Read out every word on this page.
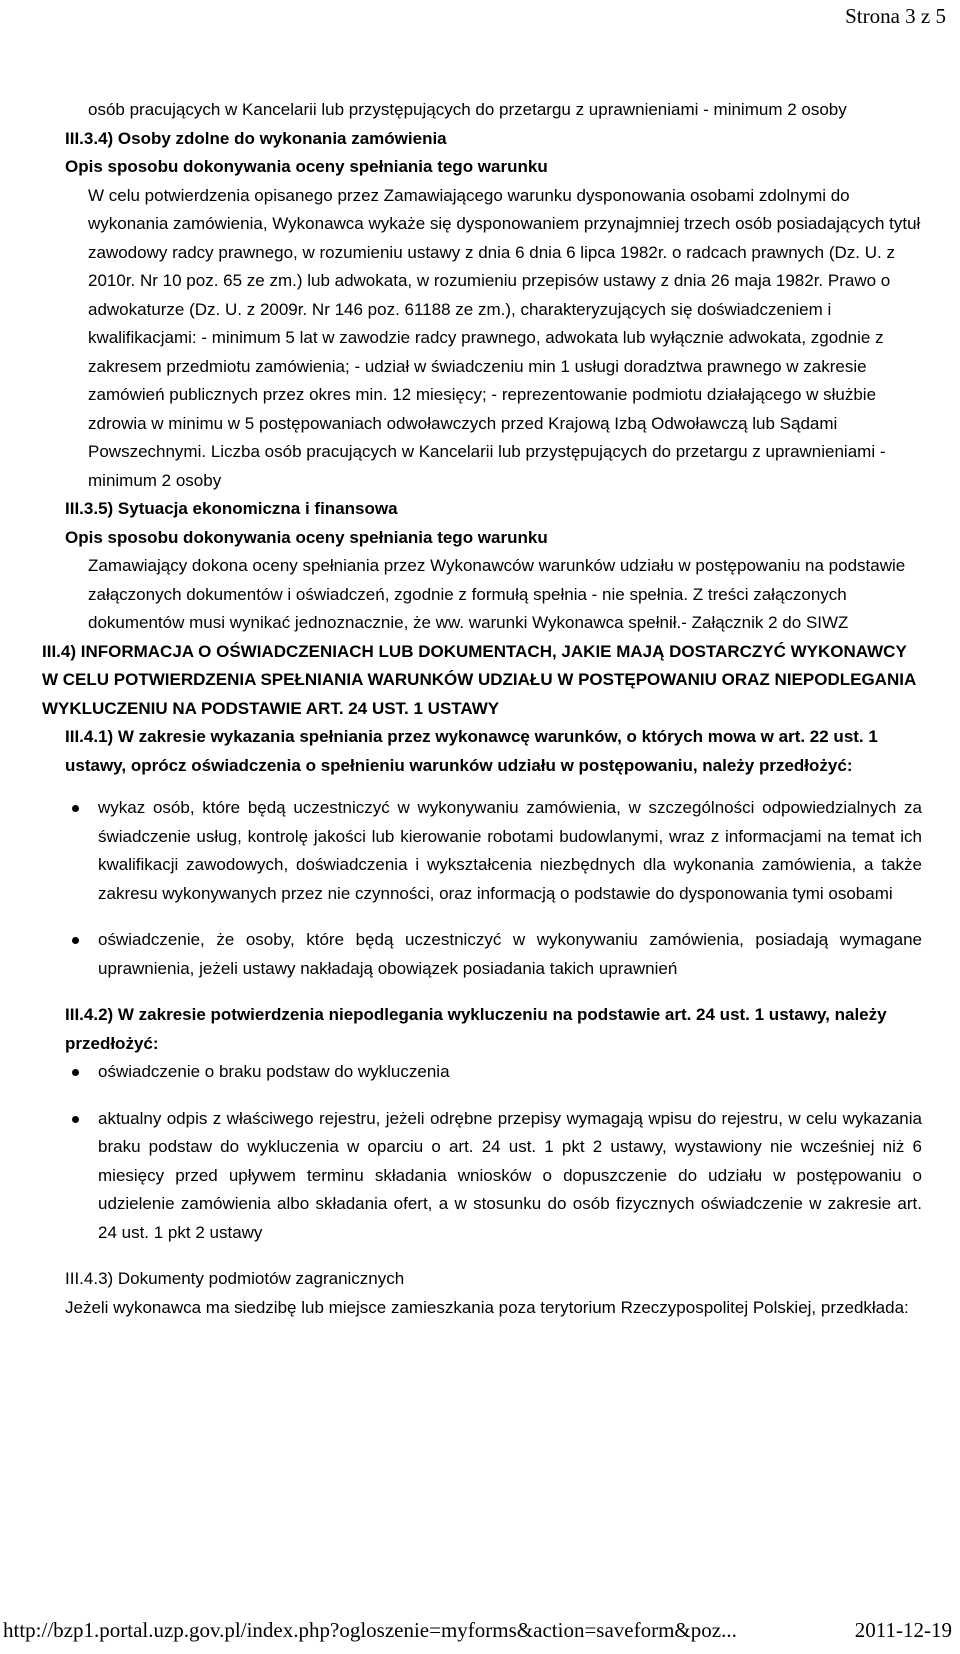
Strona 3 z 5

osób pracujących w Kancelarii lub przystępujących do przetargu z uprawnieniami - minimum 2 osoby

III.3.4) Osoby zdolne do wykonania zamówienia

Opis sposobu dokonywania oceny spełniania tego warunku

W celu potwierdzenia opisanego przez Zamawiającego warunku dysponowania osobami zdolnymi do wykonania zamówienia, Wykonawca wykaże się dysponowaniem przynajmniej trzech osób posiadających tytuł zawodowy radcy prawnego, w rozumieniu ustawy z dnia 6 dnia 6 lipca 1982r. o radcach prawnych (Dz. U. z 2010r. Nr 10 poz. 65 ze zm.) lub adwokata, w rozumieniu przepisów ustawy z dnia 26 maja 1982r. Prawo o adwokaturze (Dz. U. z 2009r. Nr 146 poz. 61188 ze zm.), charakteryzujących się doświadczeniem i kwalifikacjami: - minimum 5 lat w zawodzie radcy prawnego, adwokata lub wyłącznie adwokata, zgodnie z zakresem przedmiotu zamówienia; - udział w świadczeniu min 1 usługi doradztwa prawnego w zakresie zamówień publicznych przez okres min. 12 miesięcy; - reprezentowanie podmiotu działającego w służbie zdrowia w minimu w 5 postępowaniach odwoławczych przed Krajową Izbą Odwoławczą lub Sądami Powszechnymi. Liczba osób pracujących w Kancelarii lub przystępujących do przetargu z uprawnieniami - minimum 2 osoby

III.3.5) Sytuacja ekonomiczna i finansowa

Opis sposobu dokonywania oceny spełniania tego warunku

Zamawiający dokona oceny spełniania przez Wykonawców warunków udziału w postępowaniu na podstawie załączonych dokumentów i oświadczeń, zgodnie z formułą spełnia - nie spełnia. Z treści załączonych dokumentów musi wynikać jednoznacznie, że ww. warunki Wykonawca spełnił.- Załącznik 2 do SIWZ

III.4) INFORMACJA O OŚWIADCZENIACH LUB DOKUMENTACH, JAKIE MAJĄ DOSTARCZYĆ WYKONAWCY W CELU POTWIERDZENIA SPEŁNIANIA WARUNKÓW UDZIAŁU W POSTĘPOWANIU ORAZ NIEPODLEGANIA WYKLUCZENIU NA PODSTAWIE ART. 24 UST. 1 USTAWY

III.4.1) W zakresie wykazania spełniania przez wykonawcę warunków, o których mowa w art. 22 ust. 1 ustawy, oprócz oświadczenia o spełnieniu warunków udziału w postępowaniu, należy przedłożyć:

wykaz osób, które będą uczestniczyć w wykonywaniu zamówienia, w szczególności odpowiedzialnych za świadczenie usług, kontrolę jakości lub kierowanie robotami budowlanymi, wraz z informacjami na temat ich kwalifikacji zawodowych, doświadczenia i wykształcenia niezbędnych dla wykonania zamówienia, a także zakresu wykonywanych przez nie czynności, oraz informacją o podstawie do dysponowania tymi osobami
oświadczenie, że osoby, które będą uczestniczyć w wykonywaniu zamówienia, posiadają wymagane uprawnienia, jeżeli ustawy nakładają obowiązek posiadania takich uprawnień

III.4.2) W zakresie potwierdzenia niepodlegania wykluczeniu na podstawie art. 24 ust. 1 ustawy, należy przedłożyć:

oświadczenie o braku podstaw do wykluczenia
aktualny odpis z właściwego rejestru, jeżeli odrębne przepisy wymagają wpisu do rejestru, w celu wykazania braku podstaw do wykluczenia w oparciu o art. 24 ust. 1 pkt 2 ustawy, wystawiony nie wcześniej niż 6 miesięcy przed upływem terminu składania wniosków o dopuszczenie do udziału w postępowaniu o udzielenie zamówienia albo składania ofert, a w stosunku do osób fizycznych oświadczenie w zakresie art. 24 ust. 1 pkt 2 ustawy

III.4.3) Dokumenty podmiotów zagranicznych

Jeżeli wykonawca ma siedzibę lub miejsce zamieszkania poza terytorium Rzeczypospolitej Polskiej, przedkłada:

http://bzp1.portal.uzp.gov.pl/index.php?ogloszenie=myforms&action=saveform&poz...	2011-12-19
